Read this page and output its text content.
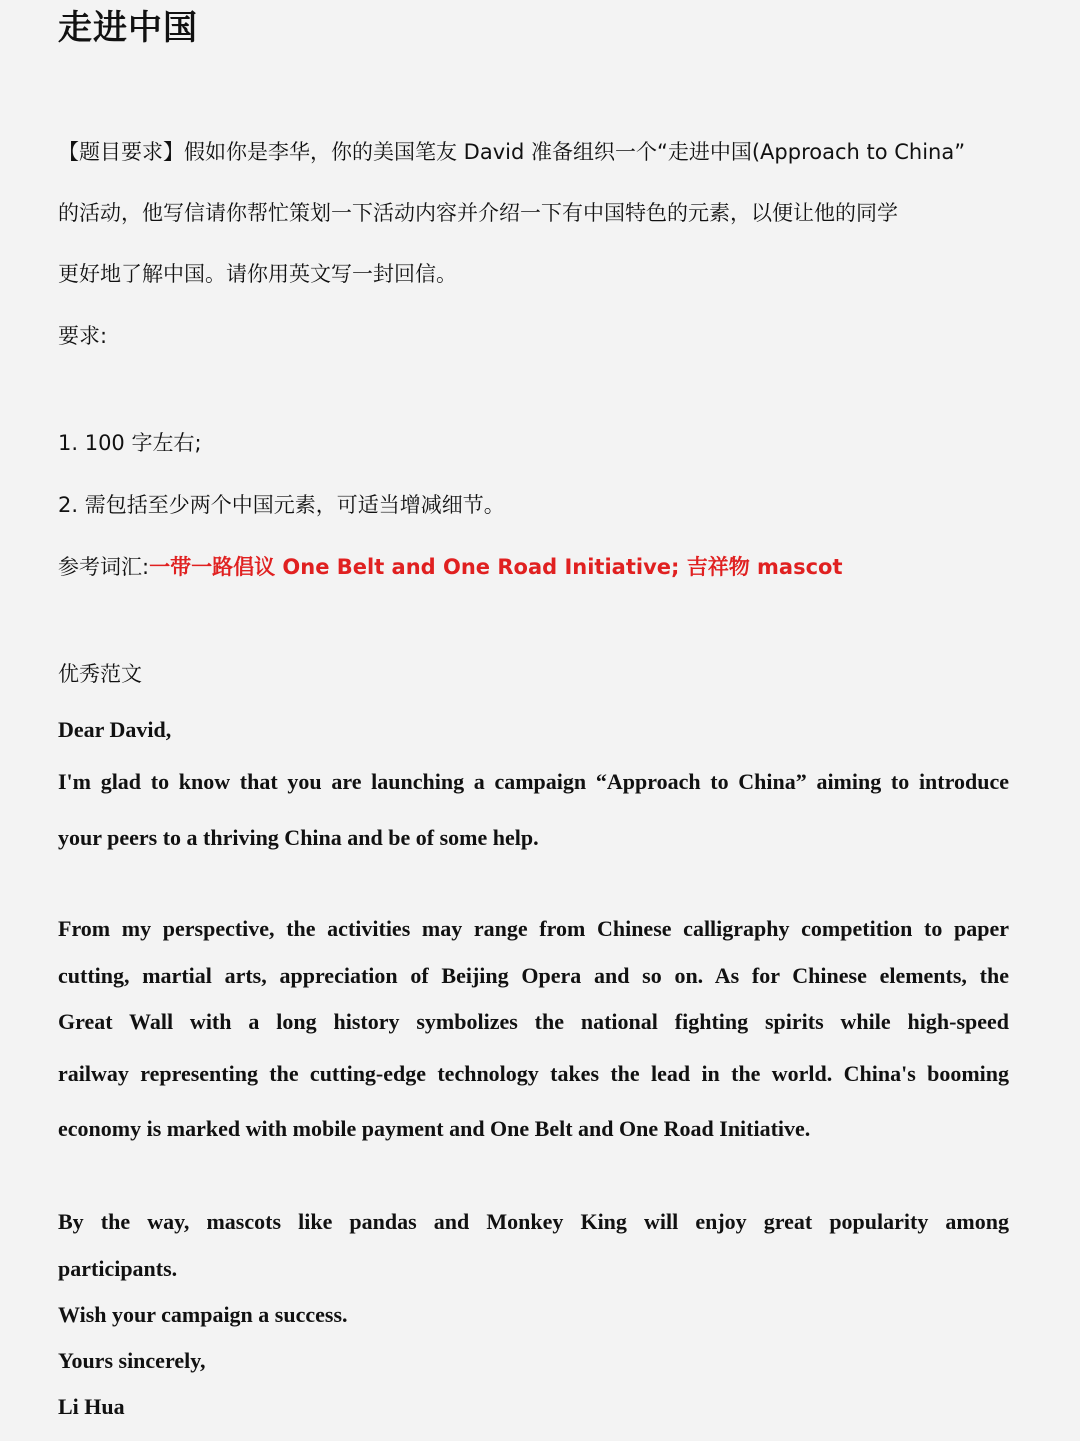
走进中国
【题目要求】假如你是李华，你的美国笔友 David 准备组织一个“走进中国(Approach to China”
的活动，他写信请你帮忙策划一下活动内容并介绍一下有中国特色的元素，以便让他的同学
更好地了解中国。请你用英文写一封回信。
要求:
1. 100 字左右;
2. 需包括至少两个中国元素，可适当增减细节。
参考词汇:一带一路倡议 One Belt and One Road Initiative; 吉祥物 mascot
优秀范文
Dear David,
I'm glad to know that you are launching a campaign “Approach to China” aiming to introduce
your peers to a thriving China and be of some help.
From my perspective, the activities may range from Chinese calligraphy competition to paper
cutting, martial arts, appreciation of Beijing Opera and so on. As for Chinese elements, the
Great Wall with a long history symbolizes the national fighting spirits while high-speed
railway representing the cutting-edge technology takes the lead in the world. China's booming
economy is marked with mobile payment and One Belt and One Road Initiative.
By the way, mascots like pandas and Monkey King will enjoy great popularity among
participants.
Wish your campaign a success.
Yours sincerely,
Li Hua
